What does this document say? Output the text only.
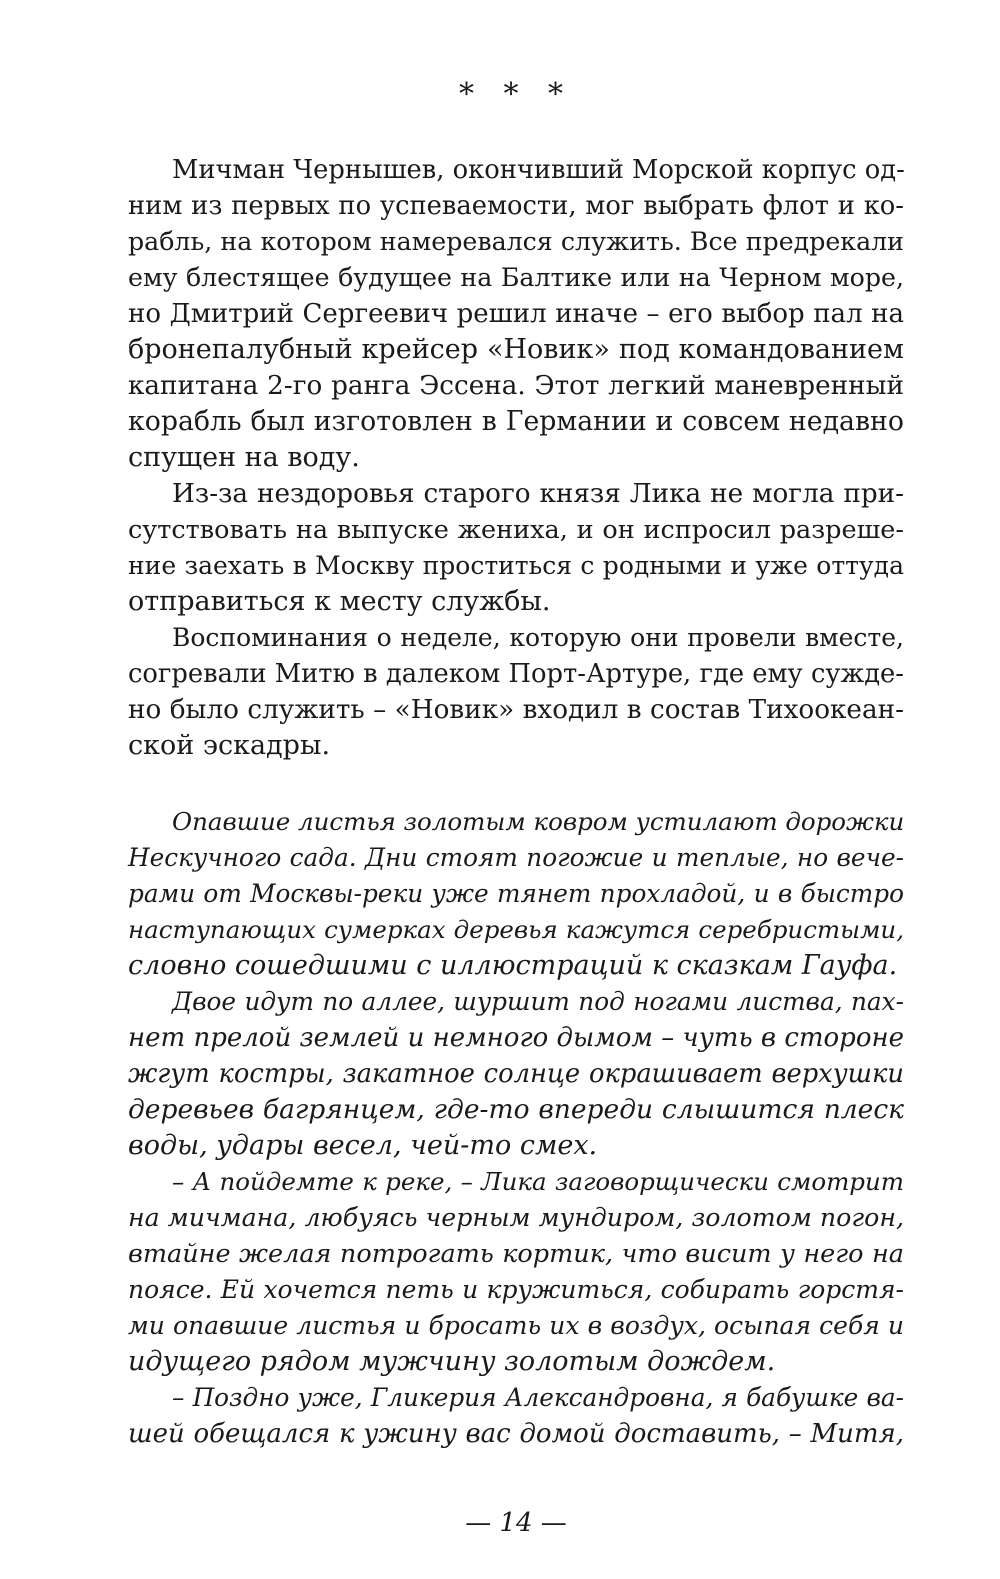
* * *
Мичман Чернышев, окончивший Морской корпус од-
ним из первых по успеваемости, мог выбрать флот и ко-
рабль, на котором намеревался служить. Все предрекали
ему блестящее будущее на Балтике или на Черном море,
но Дмитрий Сергеевич решил иначе – его выбор пал на
бронепалубный крейсер «Новик» под командованием
капитана 2-го ранга Эссена. Этот легкий маневренный
корабль был изготовлен в Германии и совсем недавно
спущен на воду.
Из-за нездоровья старого князя Лика не могла при-
сутствовать на выпуске жениха, и он испросил разреше-
ние заехать в Москву проститься с родными и уже оттуда
отправиться к месту службы.
Воспоминания о неделе, которую они провели вместе,
согревали Митю в далеком Порт-Артуре, где ему сужде-
но было служить – «Новик» входил в состав Тихоокеан-
ской эскадры.
Опавшие листья золотым ковром устилают дорожки
Нескучного сада. Дни стоят погожие и теплые, но вече-
рами от Москвы-реки уже тянет прохладой, и в быстро
наступающих сумерках деревья кажутся серебристыми,
словно сошедшими с иллюстраций к сказкам Гауфа.
Двое идут по аллее, шуршит под ногами листва, пах-
нет прелой землей и немного дымом – чуть в стороне
жгут костры, закатное солнце окрашивает верхушки
деревьев багрянцем, где-то впереди слышится плеск
воды, удары весел, чей-то смех.
– А пойдемте к реке, – Лика заговорщически смотрит
на мичмана, любуясь черным мундиром, золотом погон,
втайне желая потрогать кортик, что висит у него на
поясе. Ей хочется петь и кружиться, собирать горстя-
ми опавшие листья и бросать их в воздух, осыпая себя и
идущего рядом мужчину золотым дождем.
– Поздно уже, Гликерия Александровна, я бабушке ва-
шей обещался к ужину вас домой доставить, – Митя,
— 14 —
